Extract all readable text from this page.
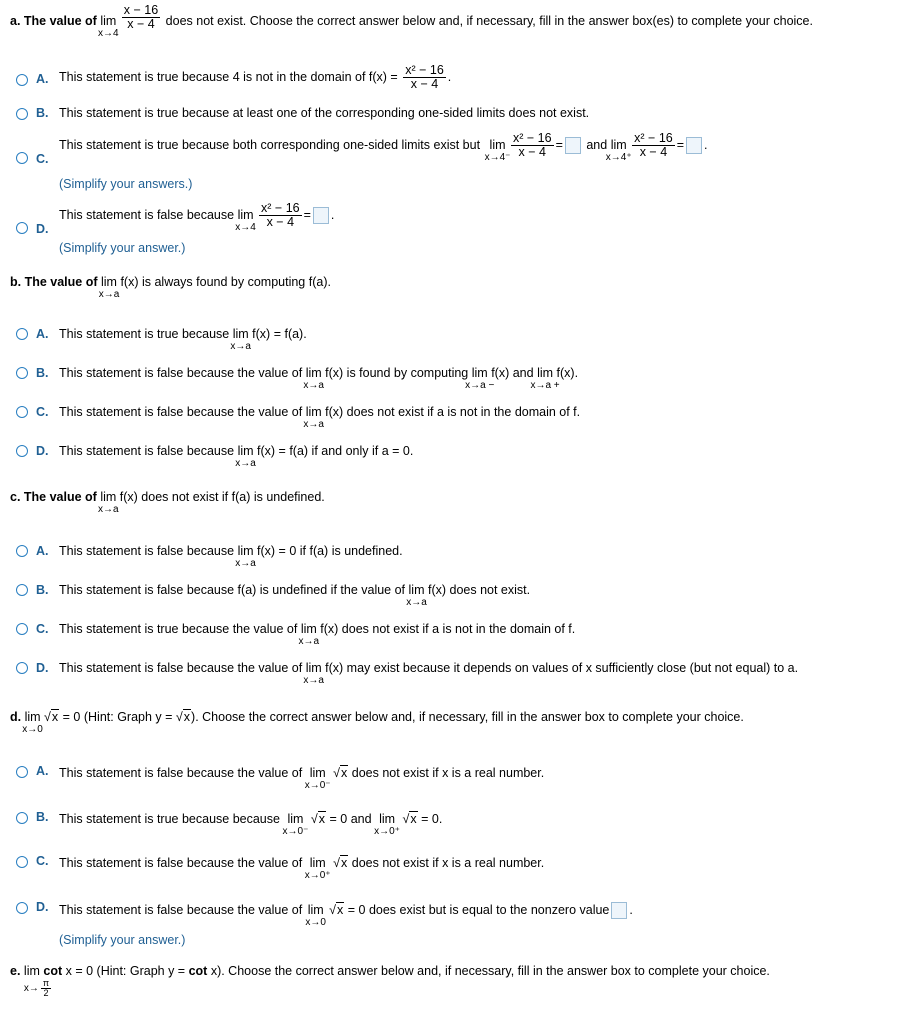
a. The value of lim
x→4

$\frac{x - 16}{x - 4}$ does not exist. Choose the correct answer below and, if necessary, fill in the answer box(es) to complete your choice.
A. This statement is true because 4 is not in the domain of $f(x) = \frac{\text{x² − 16}}{x - 4}$ .
B. This statement is true because at least one of the corresponding one-sided limits does not exist.
C.
This statement is true because both corresponding one-sided limits exist but lim
x→4⁻
$\frac{\text{x² − 16}}{x - 4}$ = and lim
x→4⁺
$\frac{\text{x² − 16}}{x - 4}$ = .
(Simplify your answers.)
D.
This statement is false because lim
x→4
$\frac{\text{x² − 16}}{x - 4}$ = .
(Simplify your answer.)
b. The value of lim
x→a
f(x) is always found by computing f(a).
A. This statement is true because lim
x→a
f(x) = f(a).
B. This statement is false because the value of lim
x→a
f(x) is found by computing lim
x→a −
f(x) and lim
x→a +
f(x).
C. This statement is false because the value of lim
x→a
f(x) does not exist if a is not in the domain of f.
D. This statement is false because lim
x→a
f(x) = f(a) if and only if a = 0.
c. The value of lim
x→a
f(x) does not exist if f(a) is undefined.
A. This statement is false because lim
x→a
f(x) = 0 if f(a) is undefined.
B. This statement is false because f(a) is undefined if the value of lim
x→a
f(x) does not exist.
C. This statement is true because the value of lim
x→a
f(x) does not exist if a is not in the domain of f.
D. This statement is false because the value of lim
x→a
f(x) may exist because it depends on values of x sufficiently close (but not equal) to a.
d. lim
x→0
√x = 0 (Hint: Graph y = √x). Choose the correct answer below and, if necessary, fill in the answer box to complete your choice.
A. This statement is false because the value of lim
x→0⁻
√x does not exist if x is a real number.
B. This statement is true because because lim
x→0⁻
√x = 0 and lim
x→0⁺
√x = 0.
C. This statement is false because the value of lim
x→0⁺
√x does not exist if x is a real number.
D. This statement is false because the value of lim
x→0
√x = 0 does exist but is equal to the nonzero value .
(Simplify your answer.)
e. lim
$x\to \frac{\pi}{2}$
cot x = 0 (Hint: Graph y = cot x). Choose the correct answer below and, if necessary, fill in the answer box to complete your choice.
